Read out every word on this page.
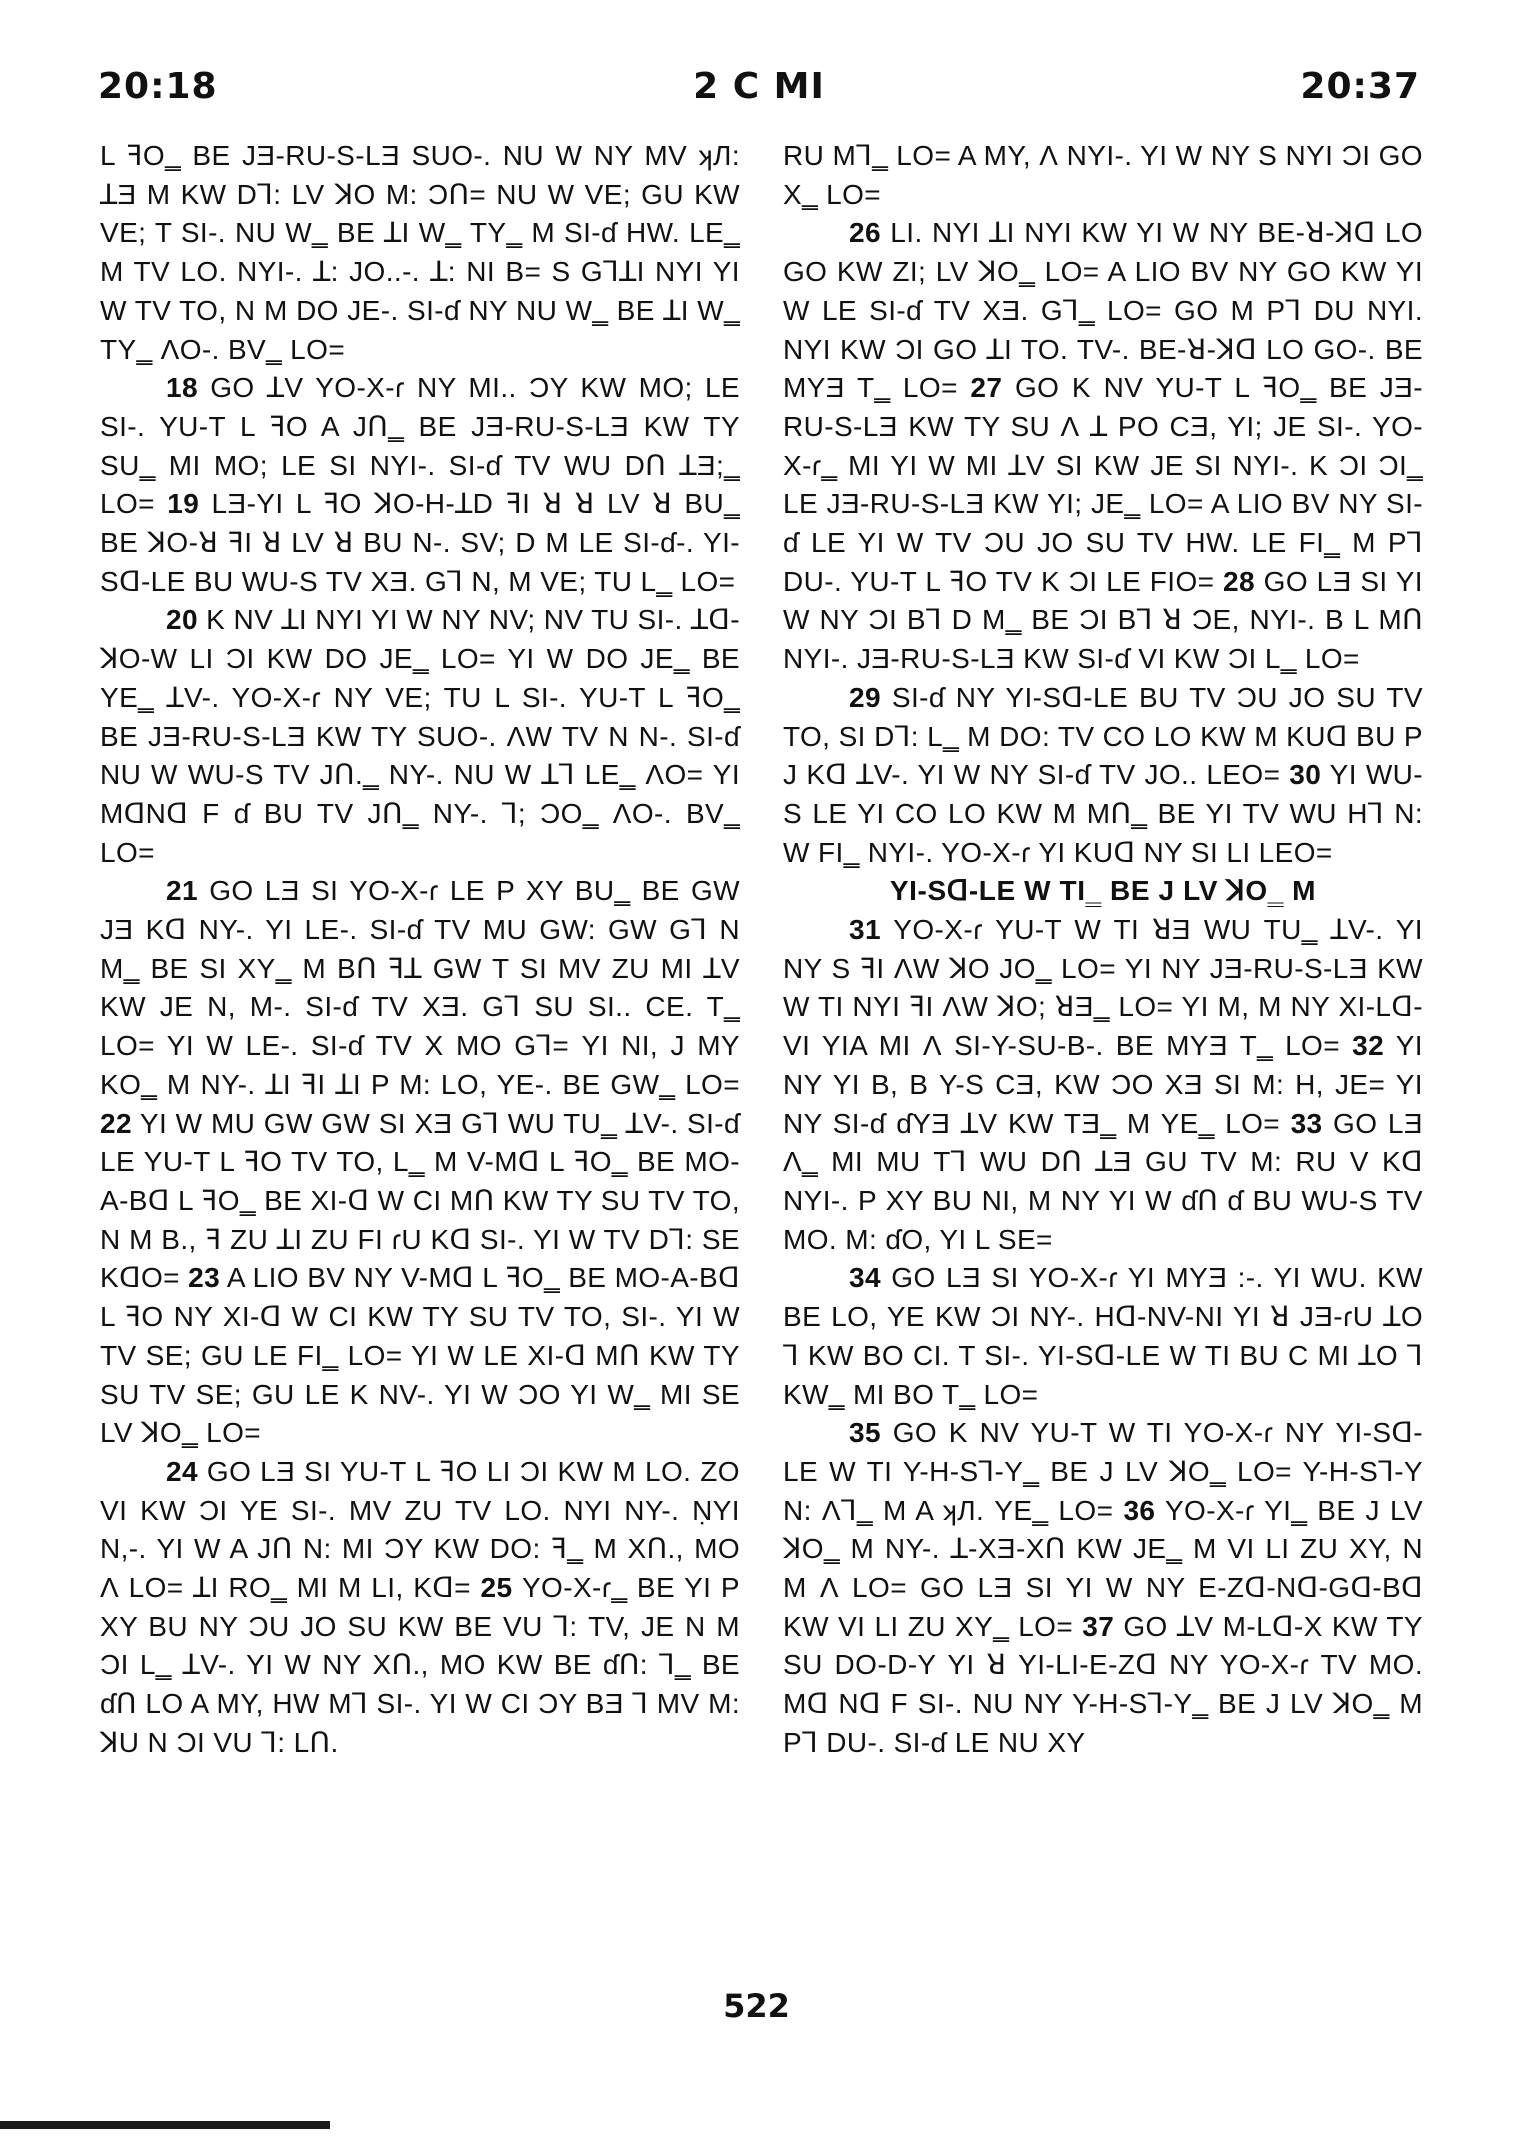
20:18	2 C MI	20:37

L ꟻO‗ BE JƎ-RU-S-LƎ SUO-. NU W NY MV ʞЛ: ꓕƎ M KW Dꓶ: LV ꓘO M: ϽՈ= NU W VE; GU KW VE; T SI-. NU W‗ BE ꓕI W‗ TY‗ M SI-ɗ HW. LE‗ M TV LO. NYI-. ꓕ: JO..-. ꓕ: NI B= S GꓶꓕI NYI YI W TV TO, N M DO JE-. SI-ɗ NY NU W‗ BE ꓕI W‗ TY‗ ɅO-. BV‗ LO=

18 GO ꓕV YO-X-ɾ NY MI.. ϽY KW MO; LE SI-. YU-T L ꟻO A JՈ‗ BE JƎ-RU-S-LƎ KW TY SU‗ MI MO; LE SI NYI-. SI-ɗ TV WU DՈ ꓕƎ;‗ LO= 19 LƎ-YI L ꟻO ꓘO-H-ꓕD ꟻI ꓤ ꓤ LV ꓤ BU‗ BE ꓘO-ꓤ ꟻI ꓤ LV ꓤ BU N-. SV; D M LE SI-ɗ-. YI-Sꓷ-LE BU WU-S TV XƎ. Gꓶ N, M VE; TU L‗ LO=

20 K NV ꓕI NYI YI W NY NV; NV TU SI-. ꓕꓷ-ꓘO-W LI ϽI KW DO JE‗ LO= YI W DO JE‗ BE YE‗ ꓕV-. YO-X-ɾ NY VE; TU L SI-. YU-T L ꟻO‗ BE JƎ-RU-S-LƎ KW TY SUO-. ɅW TV N N-. SI-ɗ NU W WU-S TV JՈ.‗ NY-. NU W ꓕꓶ LE‗ ɅO= YI MꓷNꓷ F ɗ BU TV JՈ‗ NY-. ꓶ; ϽO‗ ɅO-. BV‗ LO=

21 GO LƎ SI YO-X-ɾ LE P XY BU‗ BE GW JƎ Kꓷ NY-. YI LE-. SI-ɗ TV MU GW: GW Gꓶ N M‗ BE SI XY‗ M BՈ ꟻꓕ GW T SI MV ZU MI ꓕV KW JE N, M-. SI-ɗ TV XƎ. Gꓶ SU SI.. CE. T‗ LO= YI W LE-. SI-ɗ TV X MO Gꓶ= YI NI, J MY KO‗ M NY-. ꓕI ꟻI ꓕI P M: LO, YE-. BE GW‗ LO= 22 YI W MU GW GW SI XƎ Gꓶ WU TU‗ ꓕV-. SI-ɗ LE YU-T L ꟻO TV TO, L‗ M V-Mꓷ L ꟻO‗ BE MO-A-Bꓷ L ꟻO‗ BE XI-ꓷ W CI MՈ KW TY SU TV TO, N M B., ꟻ ZU ꓕI ZU FI ɾU Kꓷ SI-. YI W TV Dꓶ: SE KꓷO= 23 A LIO BV NY V-Mꓷ L ꟻO‗ BE MO-A-Bꓷ L ꟻO NY XI-ꓷ W CI KW TY SU TV TO, SI-. YI W TV SE; GU LE FI‗ LO= YI W LE XI-ꓷ MՈ KW TY SU TV SE; GU LE K NV-. YI W ϽO YI W‗ MI SE LV ꓘO‗ LO=

24 GO LƎ SI YU-T L ꟻO LI ϽI KW M LO. ZO VI KW ϽI YE SI-. MV ZU TV LO. NYI NY-. ṆYI N,-. YI W A JՈ N: MI ϽY KW DO: ꟻ‗ M XՈ., MO Ʌ LO= ꓕI RO‗ MI M LI, Kꓷ= 25 YO-X-ɾ‗ BE YI P XY BU NY ϽU JO SU KW BE VU ꓶ: TV, JE N M ϽI L‗ ꓕV-. YI W NY XՈ., MO KW BE ɗՈ: ꓶ‗ BE ɗՈ LO A MY, HW Mꓶ SI-. YI W CI ϽY BƎ ꓶ MV M: ꓘU N ϽI VU ꓶ: LՈ.

RU Mꓶ‗ LO= A MY, Ʌ NYI-. YI W NY S NYI ϽI GO X‗ LO=

26 LI. NYI ꓕI NYI KW YI W NY BE-ꓤ-ꓘꓷ LO GO KW ZI; LV ꓘO‗ LO= A LIO BV NY GO KW YI W LE SI-ɗ TV XƎ. Gꓶ‗ LO= GO M Pꓶ DU NYI. NYI KW ϽI GO ꓕI TO. TV-. BE-ꓤ-ꓘꓷ LO GO-. BE MYƎ T‗ LO= 27 GO K NV YU-T L ꟻO‗ BE JƎ-RU-S-LƎ KW TY SU Ʌ ꓕ PO CƎ, YI; JE SI-. YO-X-ɾ‗ MI YI W MI ꓕV SI KW JE SI NYI-. K ϽI ϽI‗ LE JƎ-RU-S-LƎ KW YI; JE‗ LO= A LIO BV NY SI-ɗ LE YI W TV ϽU JO SU TV HW. LE FI‗ M Pꓶ DU-. YU-T L ꟻO TV K ϽI LE FIO= 28 GO LƎ SI YI W NY ϽI Bꓶ D M‗ BE ϽI Bꓶ ꓤ ϽE, NYI-. B L MՈ NYI-. JƎ-RU-S-LƎ KW SI-ɗ VI KW ϽI L‗ LO=

29 SI-ɗ NY YI-Sꓷ-LE BU TV ϽU JO SU TV TO, SI Dꓶ: L‗ M DO: TV CO LO KW M KUꓷ BU P J Kꓷ ꓕV-. YI W NY SI-ɗ TV JO.. LEO= 30 YI WU-S LE YI CO LO KW M MՈ‗ BE YI TV WU Hꓶ N: W FI‗ NYI-. YO-X-ɾ YI KUꓷ NY SI LI LEO=

YI-Sꓷ-LE W TI‗ BE J LV ꓘO‗ M

31 YO-X-ɾ YU-T W TI ꓤƎ WU TU‗ ꓕV-. YI NY S ꟻI ɅW ꓘO JO‗ LO= YI NY JƎ-RU-S-LƎ KW W TI NYI ꟻI ɅW ꓘO; ꓤƎ‗ LO= YI M, M NY XI-Lꓷ-VI YIA MI Ʌ SI-Y-SU-B-. BE MYƎ T‗ LO= 32 YI NY YI B, B Y-S CƎ, KW ϽO XƎ SI M: H, JE= YI NY SI-ɗ ɗYƎ ꓕV KW TƎ‗ M YE‗ LO= 33 GO LƎ Ʌ‗ MI MU Tꓶ WU DՈ ꓕƎ GU TV M: RU V Kꓷ NYI-. P XY BU NI, M NY YI W ɗՈ ɗ BU WU-S TV MO. M: ɗO, YI L SE=

34 GO LƎ SI YO-X-ɾ YI MYƎ :-. YI WU. KW BE LO, YE KW ϽI NY-. Hꓷ-NV-NI YI ꓤ JƎ-ɾU ꓕO ꓶ KW BO CI. T SI-. YI-Sꓷ-LE W TI BU C MI ꓕO ꓶ KW‗ MI BO T‗ LO=

35 GO K NV YU-T W TI YO-X-ɾ NY YI-Sꓷ-LE W TI Y-H-Sꓶ-Y‗ BE J LV ꓘO‗ LO= Y-H-Sꓶ-Y N: Ʌꓶ‗ M A ʞЛ. YE‗ LO= 36 YO-X-ɾ YI‗ BE J LV ꓘO‗ M NY-. ꓕ-XƎ-XՈ KW JE‗ M VI LI ZU XY, N M Ʌ LO= GO LƎ SI YI W NY E-Zꓷ-Nꓷ-Gꓷ-Bꓷ KW VI LI ZU XY‗ LO= 37 GO ꓕV M-Lꓷ-X KW TY SU DO-D-Y YI ꓤ YI-LI-E-Zꓷ NY YO-X-ɾ TV MO. Mꓷ Nꓷ F SI-. NU NY Y-H-Sꓶ-Y‗ BE J LV ꓘO‗ M Pꓶ DU-. SI-ɗ LE NU XY

522
